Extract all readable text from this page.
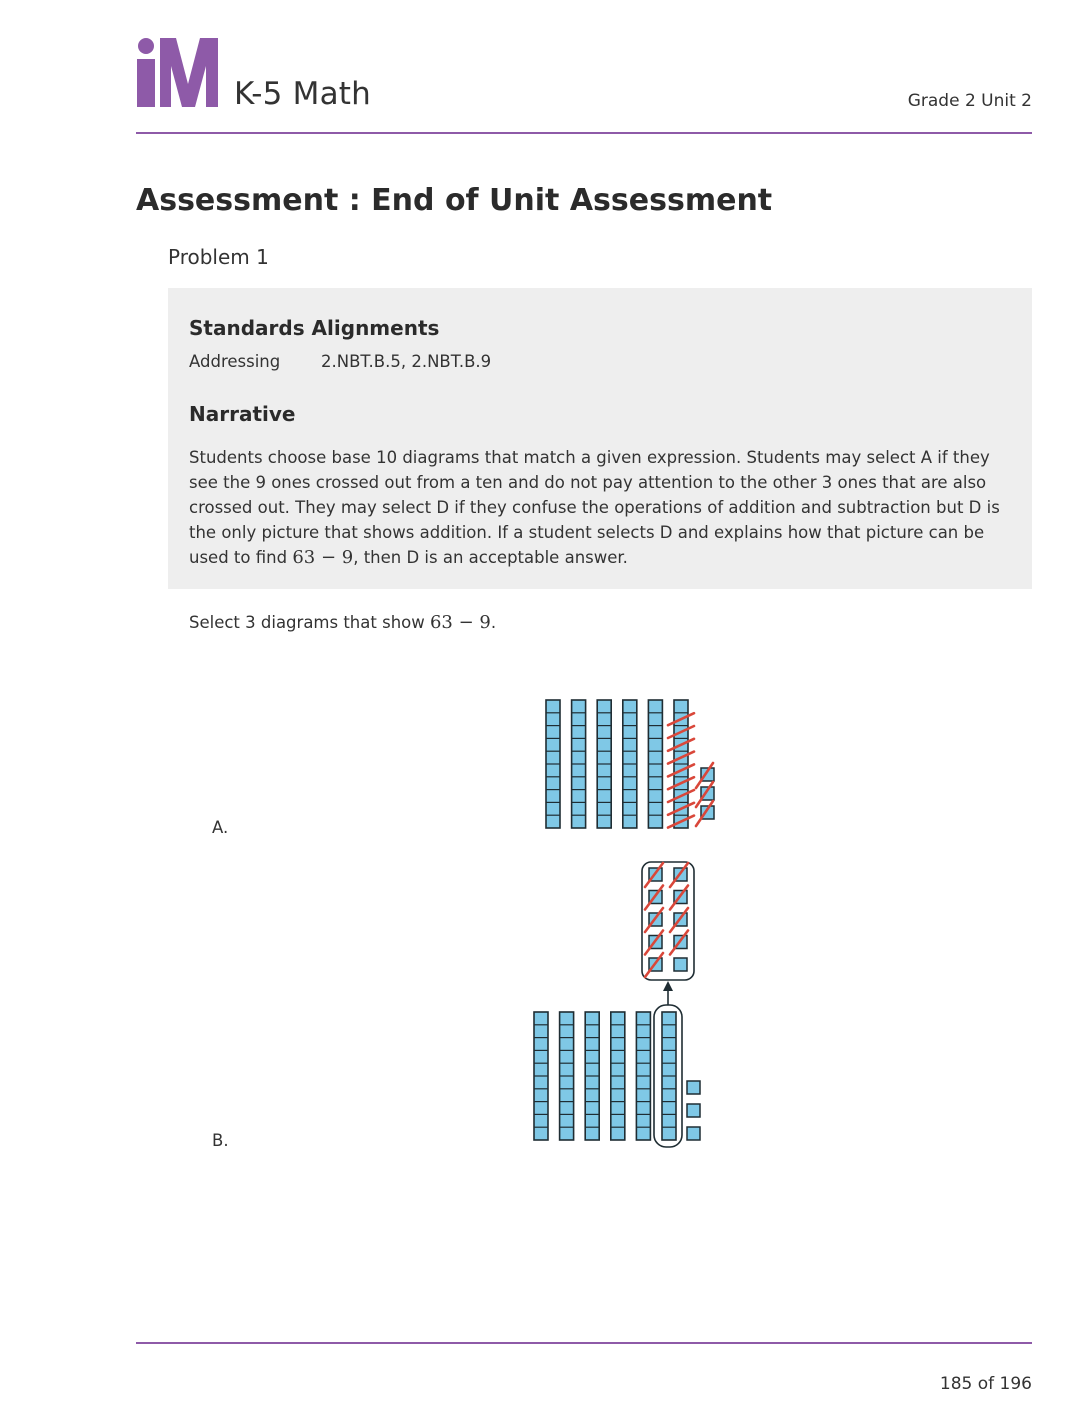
K-5 Math	Grade 2 Unit 2
Assessment : End of Unit Assessment
Problem 1
Standards Alignments
Addressing 2.NBT.B.5, 2.NBT.B.9
Narrative
Students choose base 10 diagrams that match a given expression. Students may select A if they see the 9 ones crossed out from a ten and do not pay attention to the other 3 ones that are also crossed out. They may select D if they confuse the operations of addition and subtraction but D is the only picture that shows addition. If a student selects D and explains how that picture can be used to find 63 − 9, then D is an acceptable answer.
Select 3 diagrams that show 63 − 9.
A.
B.
185 of 196
